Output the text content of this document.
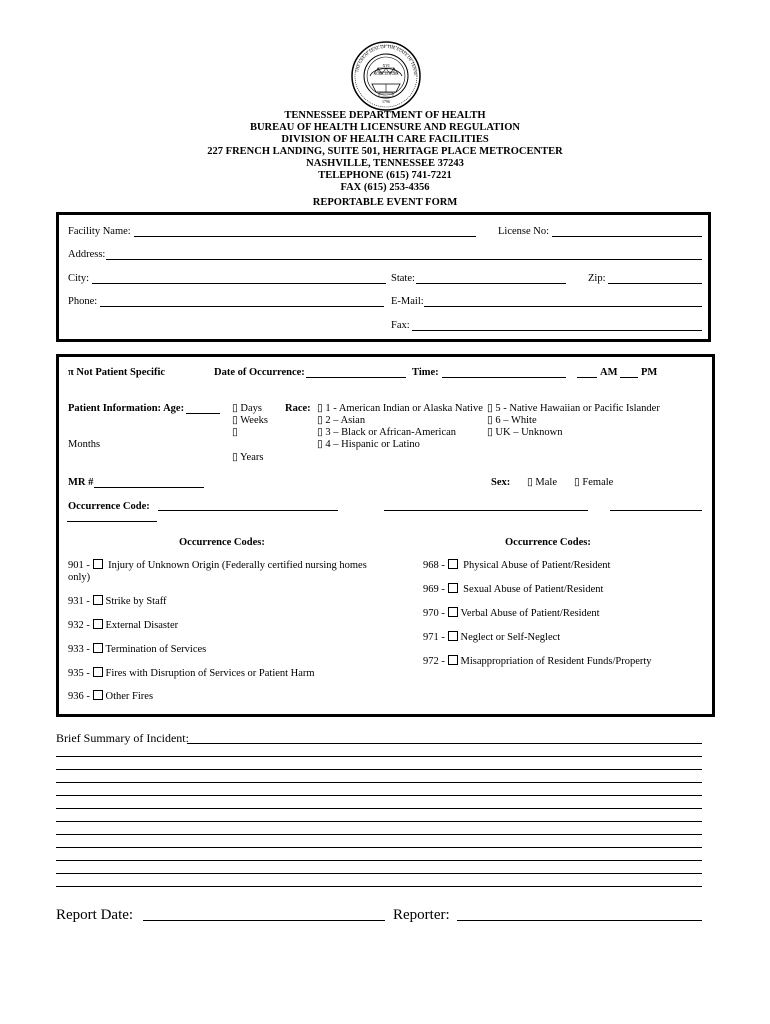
XVI
AGRICULTURE
1796
THE GREAT SEAL OF THE STATE OF TENNE
TENNESSEE DEPARTMENT OF HEALTH
BUREAU OF HEALTH LICENSURE AND REGULATION
DIVISION OF HEALTH CARE FACILITIES
227 FRENCH LANDING, SUITE 501, HERITAGE PLACE METROCENTER
NASHVILLE, TENNESSEE 37243
TELEPHONE (615) 741-7221
FAX (615) 253-4356
REPORTABLE EVENT FORM
Facility Name:	License No:
Address:
City:	State:	Zip:
Phone:	E-Mail:
Fax:
π Not Patient Specific	Date of Occurrence:	Time:	AM PM
Patient Information: Age:	▯ Days
▯ Weeks
▯
Months
▯ Years
Race: ▯ 1 - American Indian or Alaska Native
▯ 2 – Asian
▯ 3 – Black or African-American
▯ 4 – Hispanic or Latino
▯ 5 - Native Hawaiian or Pacific Islander
▯ 6 – White
▯ UK – Unknown
MR #	Sex: ▯ Male ▯ Female
Occurrence Code:
Occurrence Codes:	Occurrence Codes:
901 - Injury of Unknown Origin (Federally certified nursing homes
only)
931 - Strike by Staff
932 - External Disaster
933 - Termination of Services
935 - Fires with Disruption of Services or Patient Harm
936 - Other Fires
968 -  Physical Abuse of Patient/Resident
969 -  Sexual Abuse of Patient/Resident
970 - Verbal Abuse of Patient/Resident
971 - Neglect or Self-Neglect
972 - Misappropriation of Resident Funds/Property
Brief Summary of Incident:
Report Date:	Reporter:
